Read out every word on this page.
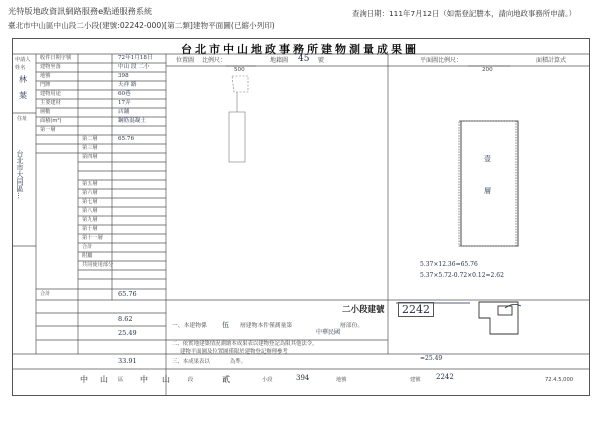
光特版地政資訊網路服務e點通服務系統	查詢日期：111年7月12日（如需登記謄本，請向地政事務所申請。）
臺北市中山區中山段二小段(建號:02242-000)[第二類]建物平面圖(已縮小列印)
台北市中山地政事務所建物測量成果圖
位置圖 比例尺：
500
地籍圖 45 號	平面圖比例尺：
200
面積計算式
壹
層
5.37×12.36=65.76
5.37×5.72-0.72×0.12=2.62
=25.49
二小段建號	2242
申請人
姓名
林
葉
住址
台北市大同區…
收件日期字號	72年1月18日
建物坐落	中山 段 二小
地號	398
門牌	天祥 路
建物用途	60巷
主要建材	17弄
層數	店舖
面積(m²)	鋼筋混凝土
第一層
第二層	65.76
第三層
第四層
第五層
第六層
第七層
第八層
第九層
第十層
第十一層
合計
附屬
共同使用部分
合計	65.76
8.62
25.49
33.91
一、本建物係 伍 層建物本件僅測量第	層部份。
二、依實地建築情況測繪本成果表以建物登記為限其他法令，
建物平面圖及位置圖僅限於建物登記辦理參考
三、本成果表以	為準。
中華民國
中 山 區 中 山	段	貳	小段	394	地號	建號 2242	72.4.5,000
